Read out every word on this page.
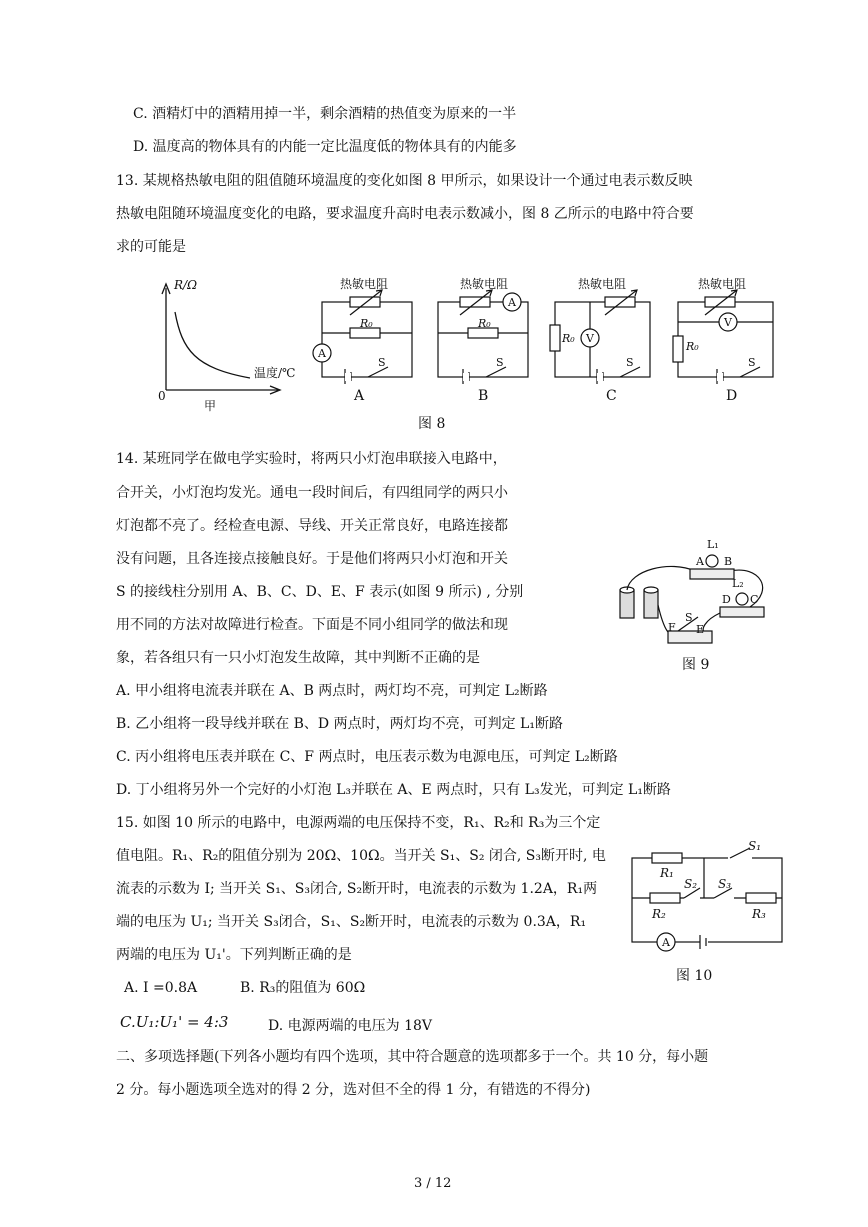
C. 酒精灯中的酒精用掉一半，剩余酒精的热值变为原来的一半
D. 温度高的物体具有的内能一定比温度低的物体具有的内能多
13. 某规格热敏电阻的阻值随环境温度的变化如图 8 甲所示，如果设计一个通过电表示数反映
热敏电阻随环境温度变化的电路，要求温度升高时电表示数减小，图 8 乙所示的电路中符合要
求的可能是
R/Ω
温度/℃
0
甲
热敏电阻
R₀
A
S
A
热敏电阻
A
R₀
S
B
热敏电阻
R₀ V
S
C
热敏电阻
V
R₀
S
D
图 8
14. 某班同学在做电学实验时，将两只小灯泡串联接入电路中，
合开关，小灯泡均发光。通电一段时间后，有四组同学的两只小
灯泡都不亮了。经检查电源、导线、开关正常良好，电路连接都
没有问题，且各连接点接触良好。于是他们将两只小灯泡和开关
S 的接线柱分别用 A、B、C、D、E、F 表示(如图 9 所示) , 分别
用不同的方法对故障进行检查。下面是不同小组同学的做法和现
象，若各组只有一只小灯泡发生故障，其中判断不正确的是
L₁
A B
L₂
D C
S
F E
图 9
A. 甲小组将电流表并联在 A、B 两点时，两灯均不亮，可判定 L₂断路
B. 乙小组将一段导线并联在 B、D 两点时，两灯均不亮，可判定 L₁断路
C. 丙小组将电压表并联在 C、F 两点时，电压表示数为电源电压，可判定 L₂断路
D. 丁小组将另外一个完好的小灯泡 L₃并联在 A、E 两点时，只有 L₃发光，可判定 L₁断路
15. 如图 10 所示的电路中，电源两端的电压保持不变，R₁、R₂和 R₃为三个定
值电阻。R₁、R₂的阻值分别为 20Ω、10Ω。当开关 S₁、S₂ 闭合, S₃断开时, 电
流表的示数为 I; 当开关 S₁、S₃闭合, S₂断开时，电流表的示数为 1.2A，R₁两
端的电压为 U₁; 当开关 S₃闭合，S₁、S₂断开时，电流表的示数为 0.3A，R₁
两端的电压为 U₁'。下列判断正确的是
S₁
R₁
S₂ S₃
R₂	R₃
A
图 10
A. I =0.8A	B. R₃的阻值为 60Ω
C.U₁:U₁' = 4:3	D. 电源两端的电压为 18V
二、多项选择题(下列各小题均有四个选项，其中符合题意的选项都多于一个。共 10 分，每小题
2 分。每小题选项全选对的得 2 分，选对但不全的得 1 分，有错选的不得分)
3 / 12
